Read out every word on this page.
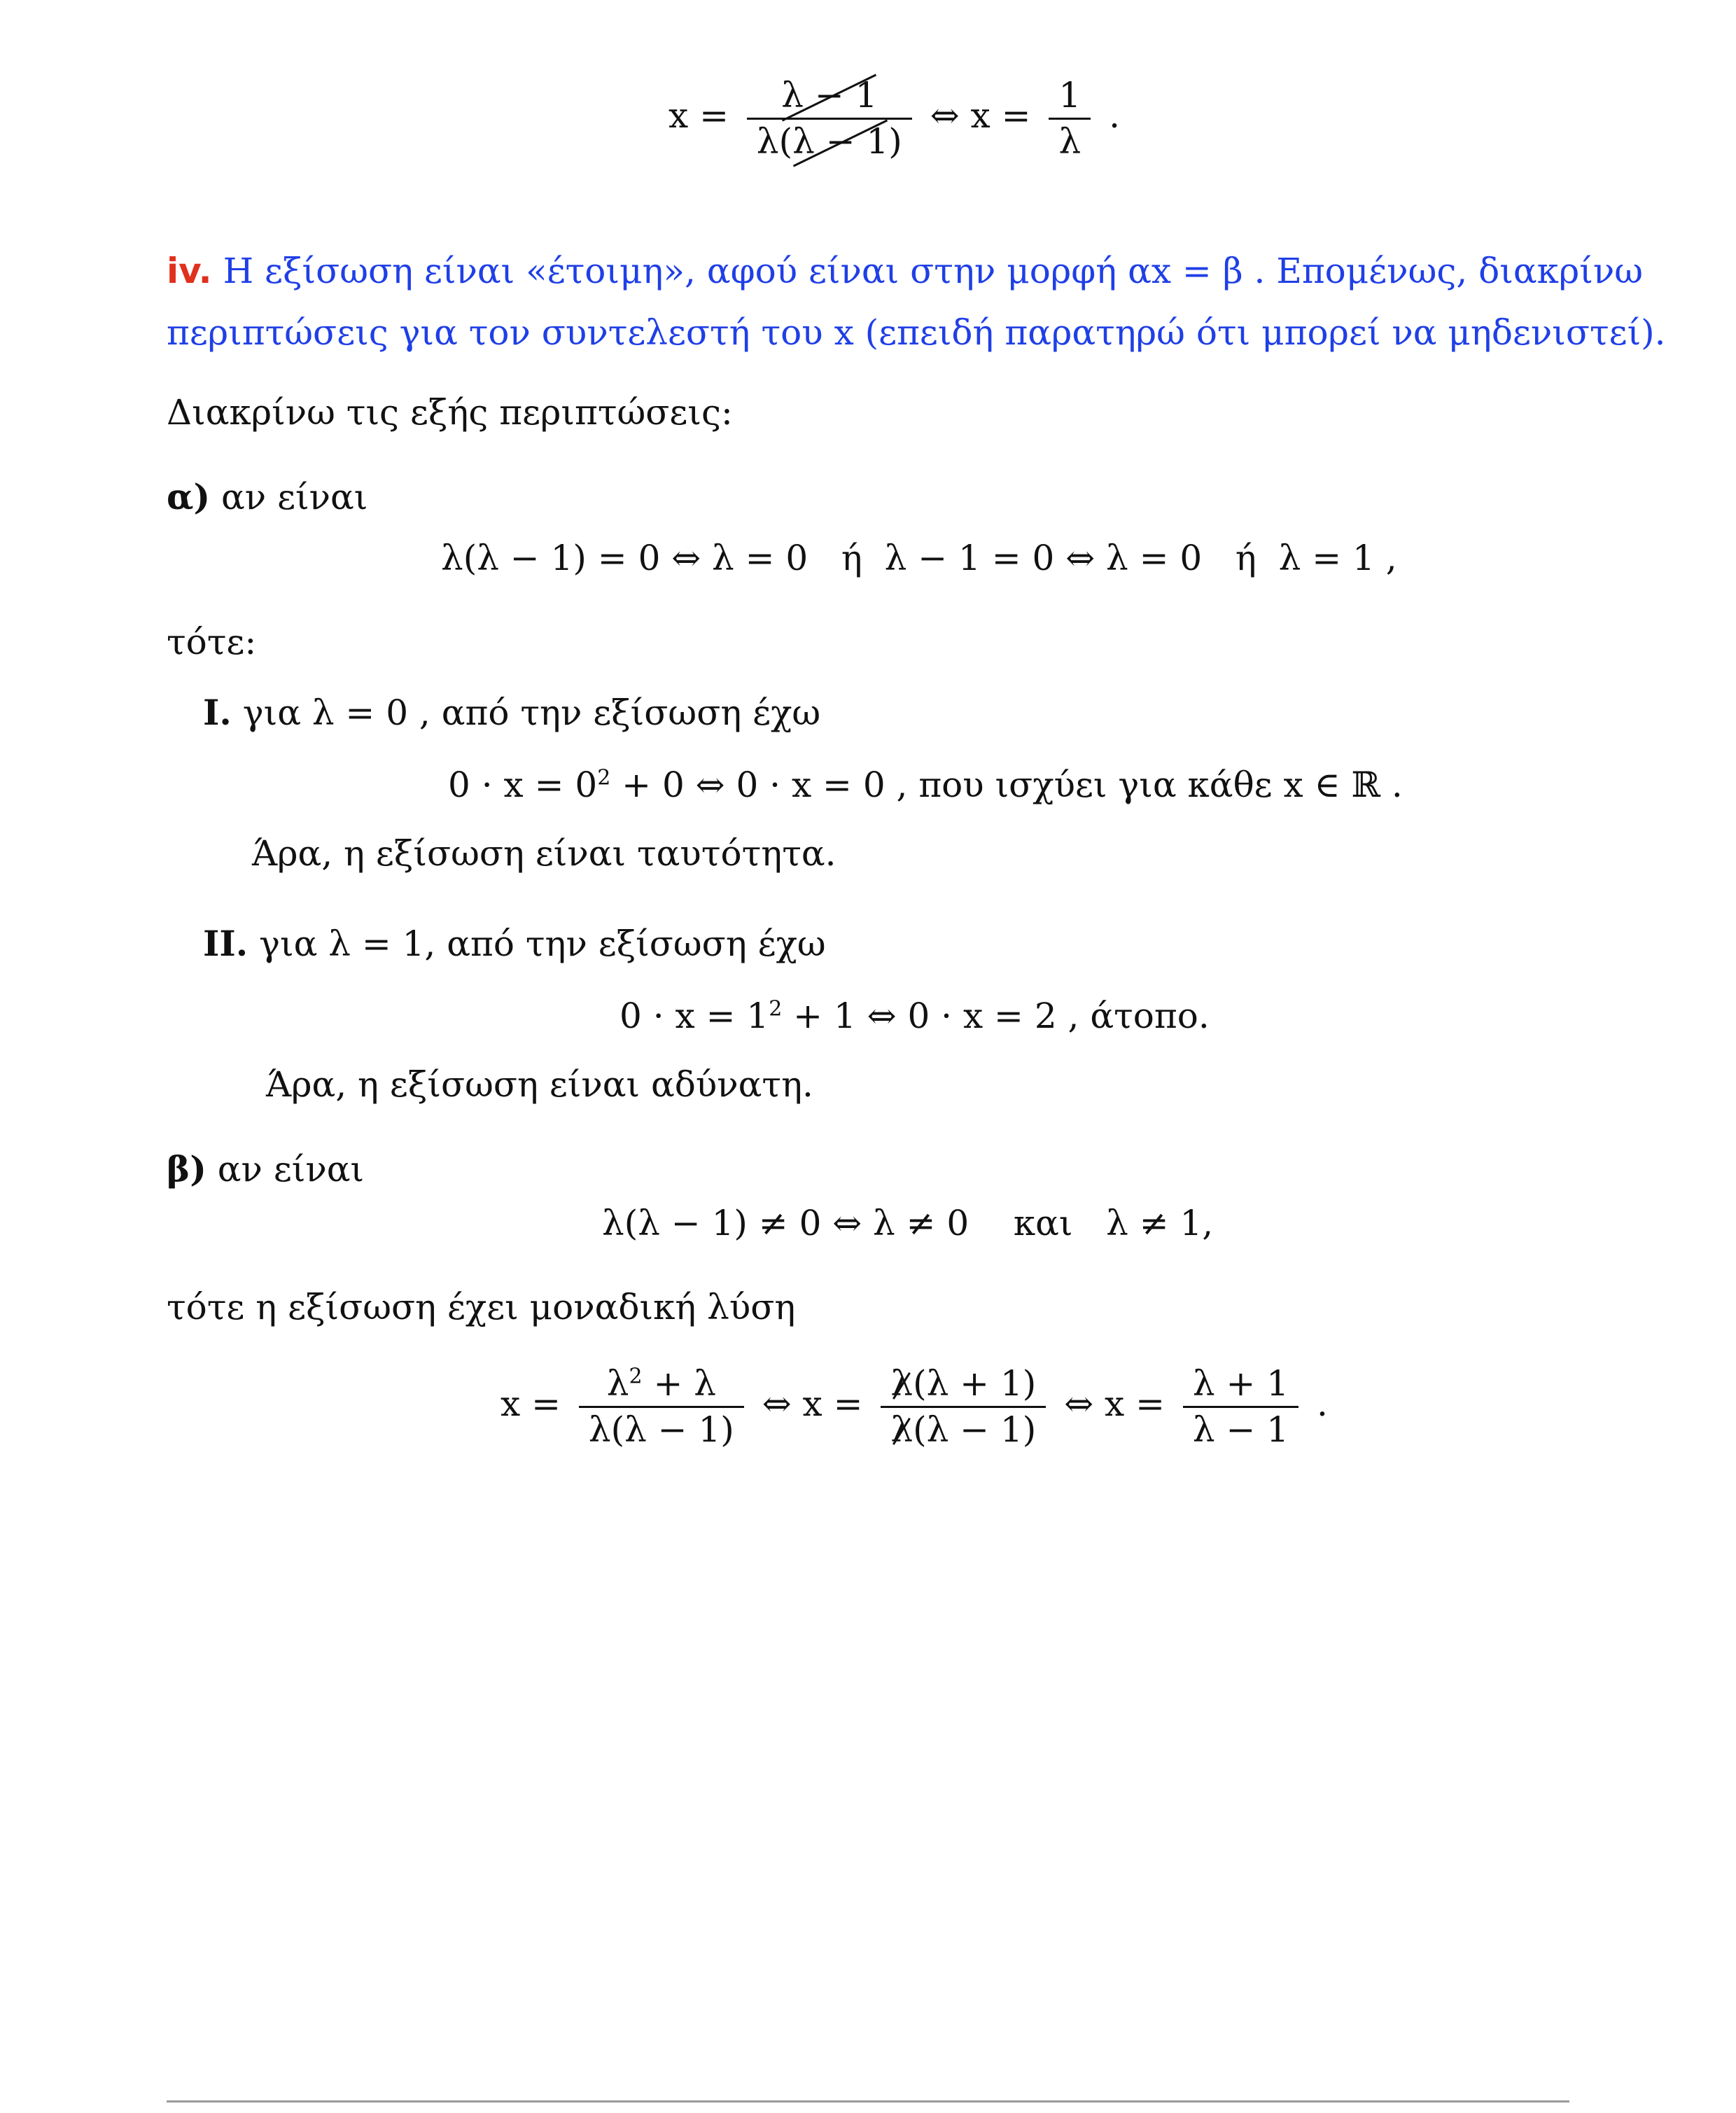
$x = \frac{\lambda - 1}{\lambda(\lambda - 1)}$ ⇔ $x = \frac{1}{\lambda}$ .
iv. Η εξίσωση είναι «έτοιμη», αφού είναι στην μορφή αx = β . Επομένως, διακρίνω
περιπτώσεις για τον συντελεστή του x (επειδή παρατηρώ ότι μπορεί να μηδενιστεί).
Διακρίνω τις εξής περιπτώσεις:
α) αν είναι
λ(λ − 1) = 0 ⇔ λ = 0   ή  λ − 1 = 0 ⇔ λ = 0   ή  λ = 1 ,
τότε:
I. για λ = 0 , από την εξίσωση έχω
$0 \cdot x = 0^2 + 0$ ⇔ 0 · x = 0 , που ισχύει για κάθε x ∈ ℝ .
Άρα, η εξίσωση είναι ταυτότητα.
II. για λ = 1, από την εξίσωση έχω
$0 \cdot x = 1^2 + 1$ ⇔ 0 · x = 2 , άτοπο.
Άρα, η εξίσωση είναι αδύνατη.
β) αν είναι
λ(λ − 1) ≠ 0 ⇔ λ ≠ 0    και   λ ≠ 1,
τότε η εξίσωση έχει μοναδική λύση
$x = \frac{\lambda^2 + \lambda}{\lambda(\lambda - 1)}$ ⇔ $x = \frac{\lambda(\lambda + 1)}{\lambda(\lambda - 1)}$ ⇔ $x = \frac{\lambda + 1}{\lambda - 1}$ .
